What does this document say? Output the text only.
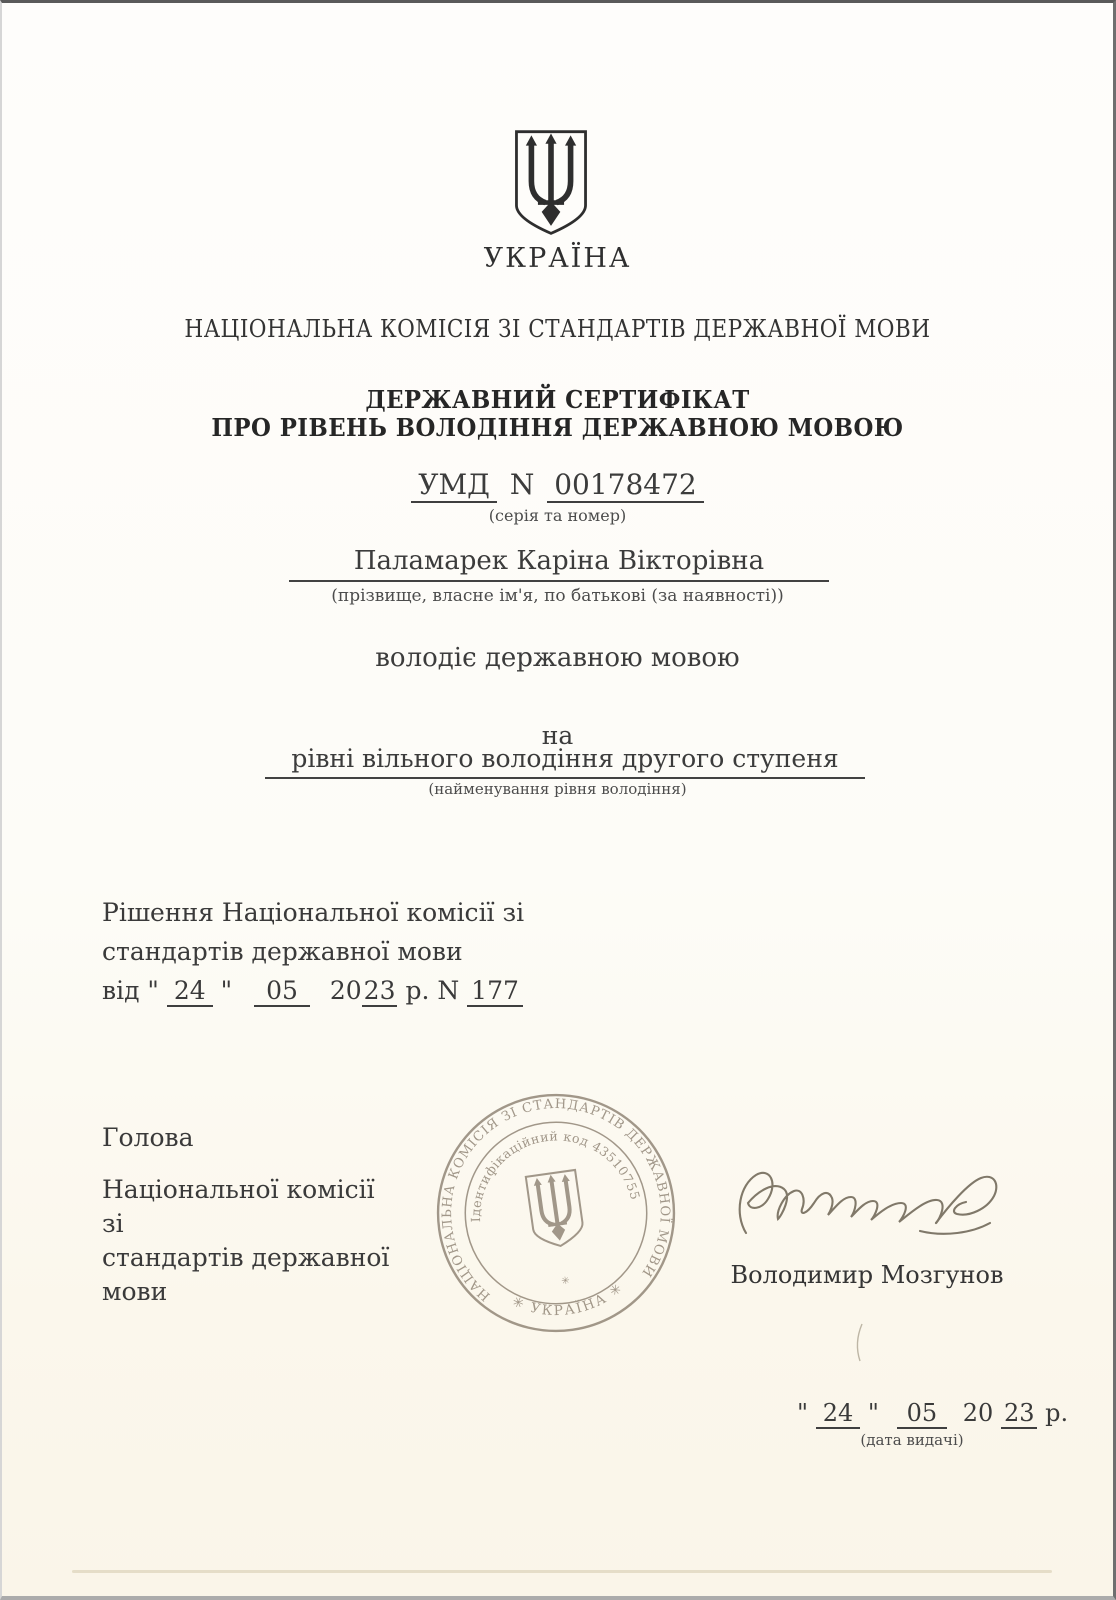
УКРАЇНА
НАЦІОНАЛЬНА КОМІСІЯ ЗІ СТАНДАРТІВ ДЕРЖАВНОЇ МОВИ
ДЕРЖАВНИЙ СЕРТИФІКАТ
ПРО РІВЕНЬ ВОЛОДІННЯ ДЕРЖАВНОЮ МОВОЮ
УМД N 00178472
(серія та номер)
Паламарек Каріна Вікторівна
(прізвище, власне ім'я, по батькові (за наявності))
володіє державною мовою
на
рівні вільного володіння другого ступеня
(найменування рівня володіння)
Рішення Національної комісії зі
стандартів державної мови
від " 24 " 05 2023 р. N 177
Голова
Національної комісії зі
стандартів державної
мови	НАЦІОНАЛЬНА КОМІСІЯ ЗІ СТАНДАРТІВ ДЕРЖАВНОЇ МОВИ
✳ УКРАЇНА ✳
Ідентифікаційний код 43510755
✳	Володимир Мозгунов
" 24 " 05 20 23 р.
(дата видачі)
